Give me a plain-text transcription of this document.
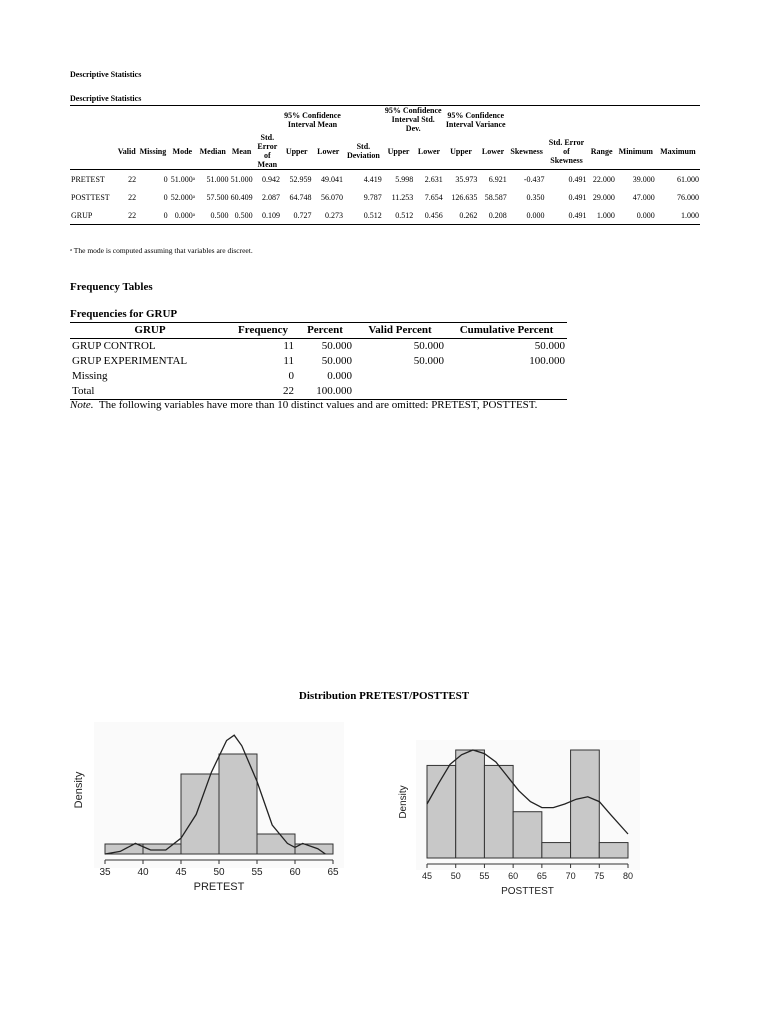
Descriptive Statistics
Descriptive Statistics
							95% Confidence Interval Mean			95% Confidence Interval Std. Dev.		95% Confidence Interval Variance						
	Valid	Missing	Mode	Median	Mean	Std. Error of Mean	Upper	Lower	Std. Deviation	Upper	Lower	Upper	Lower	Skewness	Std. Error of Skewness	Range	Minimum	Maximum
PRETEST	22	0	51.000ᵃ	51.000	51.000	0.942	52.959	49.041	4.419	5.998	2.631	35.973	6.921	-0.437	0.491	22.000	39.000	61.000
POSTTEST	22	0	52.000ᵃ	57.500	60.409	2.087	64.748	56.070	9.787	11.253	7.654	126.635	58.587	0.350	0.491	29.000	47.000	76.000
GRUP	22	0	0.000ᵃ	0.500	0.500	0.109	0.727	0.273	0.512	0.512	0.456	0.262	0.208	0.000	0.491	1.000	0.000	1.000
ᵃ The mode is computed assuming that variables are discreet.
Frequency Tables
Frequencies for GRUP
GRUP	Frequency	Percent	Valid Percent	Cumulative Percent
GRUP CONTROL	11	50.000	50.000	50.000
GRUP EXPERIMENTAL	11	50.000	50.000	100.000
Missing	0	0.000		
Total	22	100.000		
Note. The following variables have more than 10 distinct values and are omitted: PRETEST, POSTTEST.
Distribution PRETEST/POSTTEST
35	40	45	50	55	60	65
PRETEST
Density
45 50 55 60 65 70 75 80
POSTTEST
Density
